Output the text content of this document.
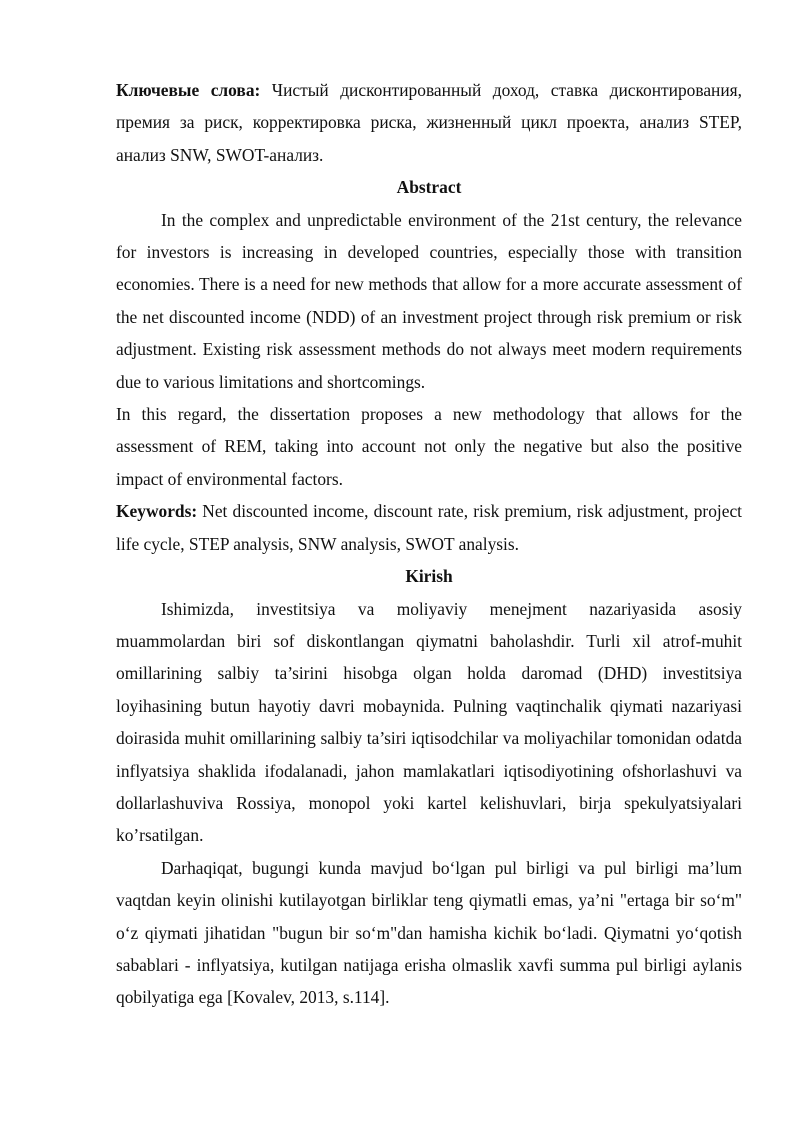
Ключевые слова: Чистый дисконтированный доход, ставка дисконтирования, премия за риск, корректировка риска, жизненный цикл проекта, анализ STEP, анализ SNW, SWOT-анализ.

Abstract

In the complex and unpredictable environment of the 21st century, the relevance for investors is increasing in developed countries, especially those with transition economies. There is a need for new methods that allow for a more accurate assessment of the net discounted income (NDD) of an investment project through risk premium or risk adjustment. Existing risk assessment methods do not always meet modern requirements due to various limitations and shortcomings.

In this regard, the dissertation proposes a new methodology that allows for the assessment of REM, taking into account not only the negative but also the positive impact of environmental factors.

Keywords: Net discounted income, discount rate, risk premium, risk adjustment, project life cycle, STEP analysis, SNW analysis, SWOT analysis.

Kirish

Ishimizda, investitsiya va moliyaviy menejment nazariyasida asosiy muammolardan biri sof diskontlangan qiymatni baholashdir. Turli xil atrof-muhit omillarining salbiy ta’sirini hisobga olgan holda daromad (DHD) investitsiya loyihasining butun hayotiy davri mobaynida. Pulning vaqtinchalik qiymati nazariyasi doirasida muhit omillarining salbiy ta’siri iqtisodchilar va moliyachilar tomonidan odatda inflyatsiya shaklida ifodalanadi, jahon mamlakatlari iqtisodiyotining ofshorlashuvi va dollarlashuviva Rossiya, monopol yoki kartel kelishuvlari, birja spekulyatsiyalari ko’rsatilgan.

Darhaqiqat, bugungi kunda mavjud bo‘lgan pul birligi va pul birligi ma’lum vaqtdan keyin olinishi kutilayotgan birliklar teng qiymatli emas, ya’ni "ertaga bir so‘m" o‘z qiymati jihatidan "bugun bir so‘m"dan hamisha kichik bo‘ladi. Qiymatni yo‘qotish sabablari - inflyatsiya, kutilgan natijaga erisha olmaslik xavfi summa pul birligi aylanis qobilyatiga ega [Kovalev, 2013, s.114].
